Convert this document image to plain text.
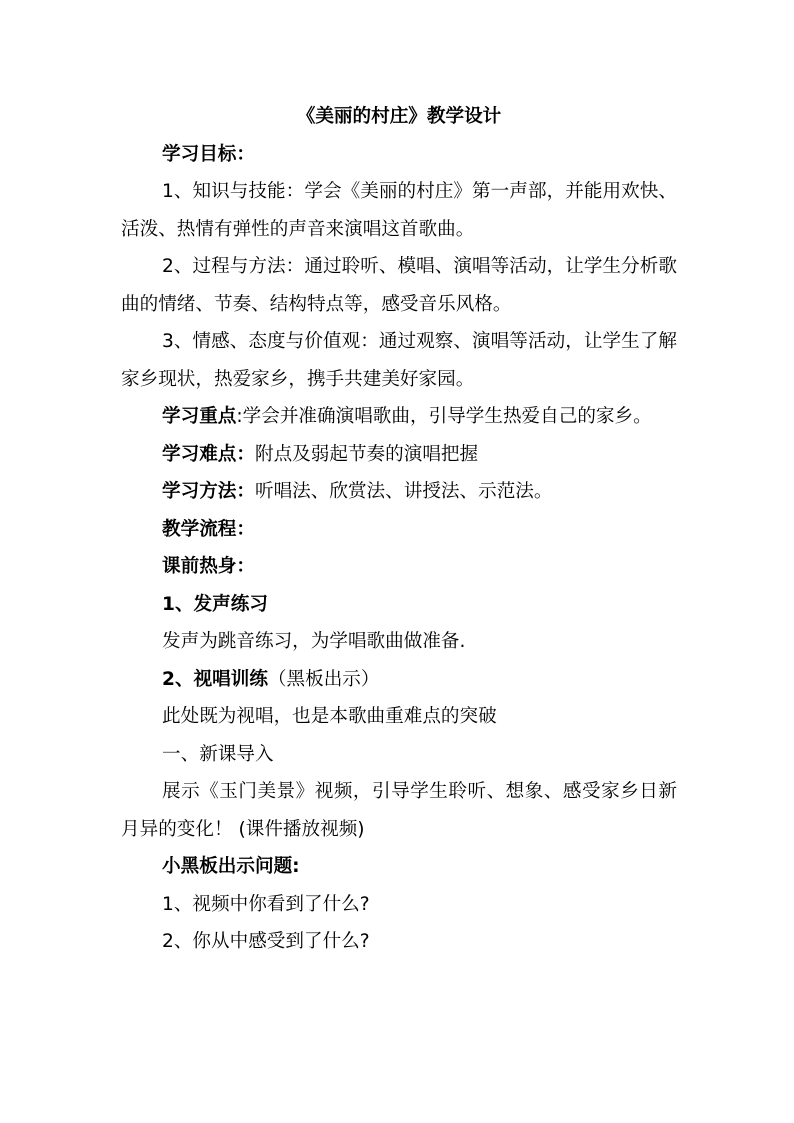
《美丽的村庄》教学设计

学习目标：

1、知识与技能：学会《美丽的村庄》第一声部，并能用欢快、活泼、热情有弹性的声音来演唱这首歌曲。

2、过程与方法：通过聆听、模唱、演唱等活动，让学生分析歌曲的情绪、节奏、结构特点等，感受音乐风格。

3、情感、态度与价值观：通过观察、演唱等活动，让学生了解家乡现状，热爱家乡，携手共建美好家园。

学习重点:学会并准确演唱歌曲，引导学生热爱自己的家乡。

学习难点：附点及弱起节奏的演唱把握

学习方法：听唱法、欣赏法、讲授法、示范法。

教学流程：

课前热身：

1、发声练习

发声为跳音练习，为学唱歌曲做准备.

2、视唱训练（黑板出示）

此处既为视唱，也是本歌曲重难点的突破

一、新课导入

展示《玉门美景》视频，引导学生聆听、想象、感受家乡日新月异的变化！ (课件播放视频)

小黑板出示问题:

1、视频中你看到了什么?

2、你从中感受到了什么?
